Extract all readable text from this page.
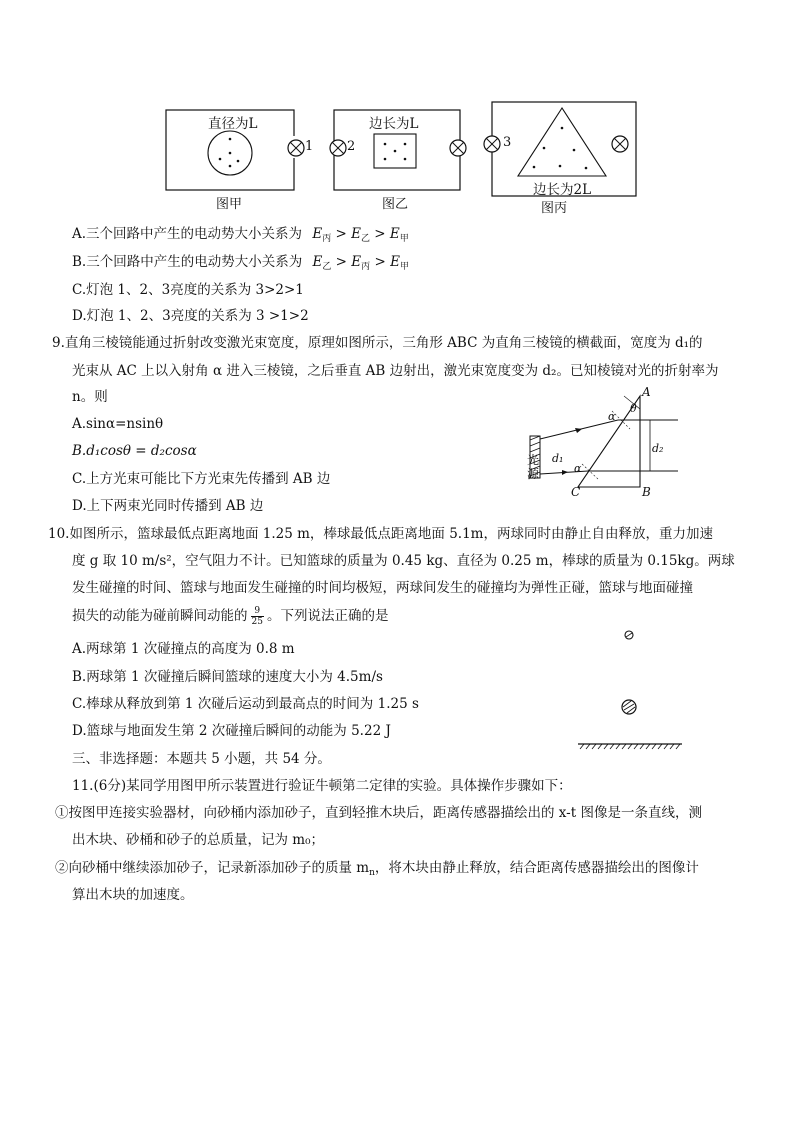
直径为L
1
图甲
边长为L
2
图乙
边长为2L
3
图丙
A.三个回路中产生的电动势大小关系为 $E_丙 > E_乙 > E_甲$
B.三个回路中产生的电动势大小关系为 $E_乙 > E_丙 > E_甲$
C.灯泡 1、2、3亮度的关系为 3>2>1
D.灯泡 1、2、3亮度的关系为 3 >1>2
9.直角三棱镜能通过折射改变激光束宽度，原理如图所示，三角形 ABC 为直角三棱镜的横截面，宽度为 d₁的
光束从 AC 上以入射角 α 进入三棱镜，之后垂直 AB 边射出，激光束宽度变为 d₂。已知棱镜对光的折射率为
n。则
A.sinα=nsinθ
B.d₁cosθ = d₂cosα
C.上方光束可能比下方光束先传播到 AB 边
D.上下两束光同时传播到 AB 边
A
B
C
θ
α
α
d₁
d₂
光
源
10.如图所示，篮球最低点距离地面 1.25 m，棒球最低点距离地面 5.1m，两球同时由静止自由释放，重力加速
度 g 取 10 m/s²，空气阻力不计。已知篮球的质量为 0.45 kg、直径为 0.25 m，棒球的质量为 0.15kg。两球
发生碰撞的时间、篮球与地面发生碰撞的时间均极短，两球间发生的碰撞均为弹性正碰，篮球与地面碰撞
损失的动能为碰前瞬间动能的 $\frac{9}{25}$ 。下列说法正确的是
A.两球第 1 次碰撞点的高度为 0.8 m
B.两球第 1 次碰撞后瞬间篮球的速度大小为 4.5m/s
C.棒球从释放到第 1 次碰后运动到最高点的时间为 1.25 s
D.篮球与地面发生第 2 次碰撞后瞬间的动能为 5.22 J
三、非选择题：本题共 5 小题，共 54 分。
11.(6分)某同学用图甲所示装置进行验证牛顿第二定律的实验。具体操作步骤如下：
①按图甲连接实验器材，向砂桶内添加砂子，直到轻推木块后，距离传感器描绘出的 x-t 图像是一条直线，测
出木块、砂桶和砂子的总质量，记为 m₀；
②向砂桶中继续添加砂子，记录新添加砂子的质量 $m_n$，将木块由静止释放，结合距离传感器描绘出的图像计
算出木块的加速度。
